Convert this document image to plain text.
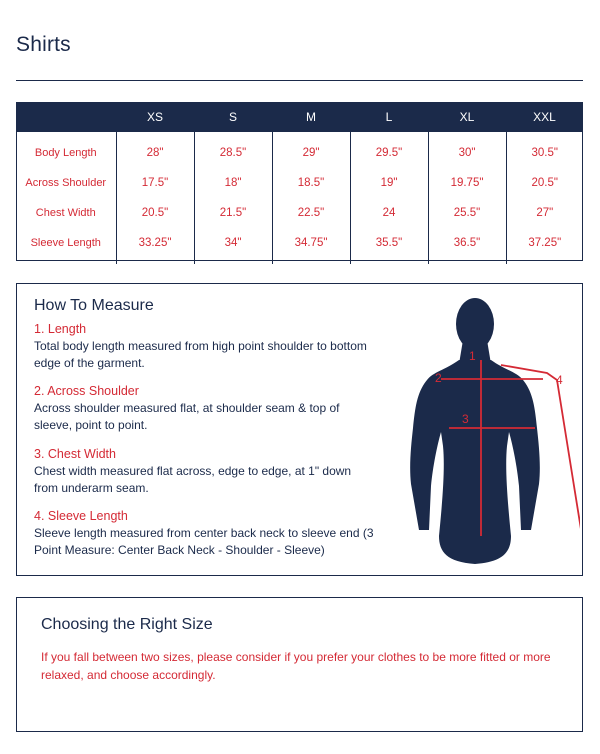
Shirts
	XS	S	M	L	XL	XXL
Body Length	28"	28.5"	29"	29.5"	30"	30.5"
Across Shoulder	17.5"	18"	18.5"	19"	19.75"	20.5"
Chest Width	20.5"	21.5"	22.5"	24	25.5"	27"
Sleeve Length	33.25"	34"	34.75"	35.5"	36.5"	37.25"
How To Measure
1. Length
Total body length measured from high point shoulder to bottom edge of the garment.
2. Across Shoulder
Across shoulder measured flat, at shoulder seam & top of sleeve, point to point.
3. Chest Width
Chest width measured flat across, edge to edge, at 1" down from underarm seam.
4. Sleeve Length
Sleeve length measured from center back neck to sleeve end (3 Point Measure: Center Back Neck - Shoulder - Sleeve)
1
2
3
4
Choosing the Right Size
If you fall between two sizes, please consider if you prefer your clothes to be more fitted or more relaxed, and choose accordingly.
